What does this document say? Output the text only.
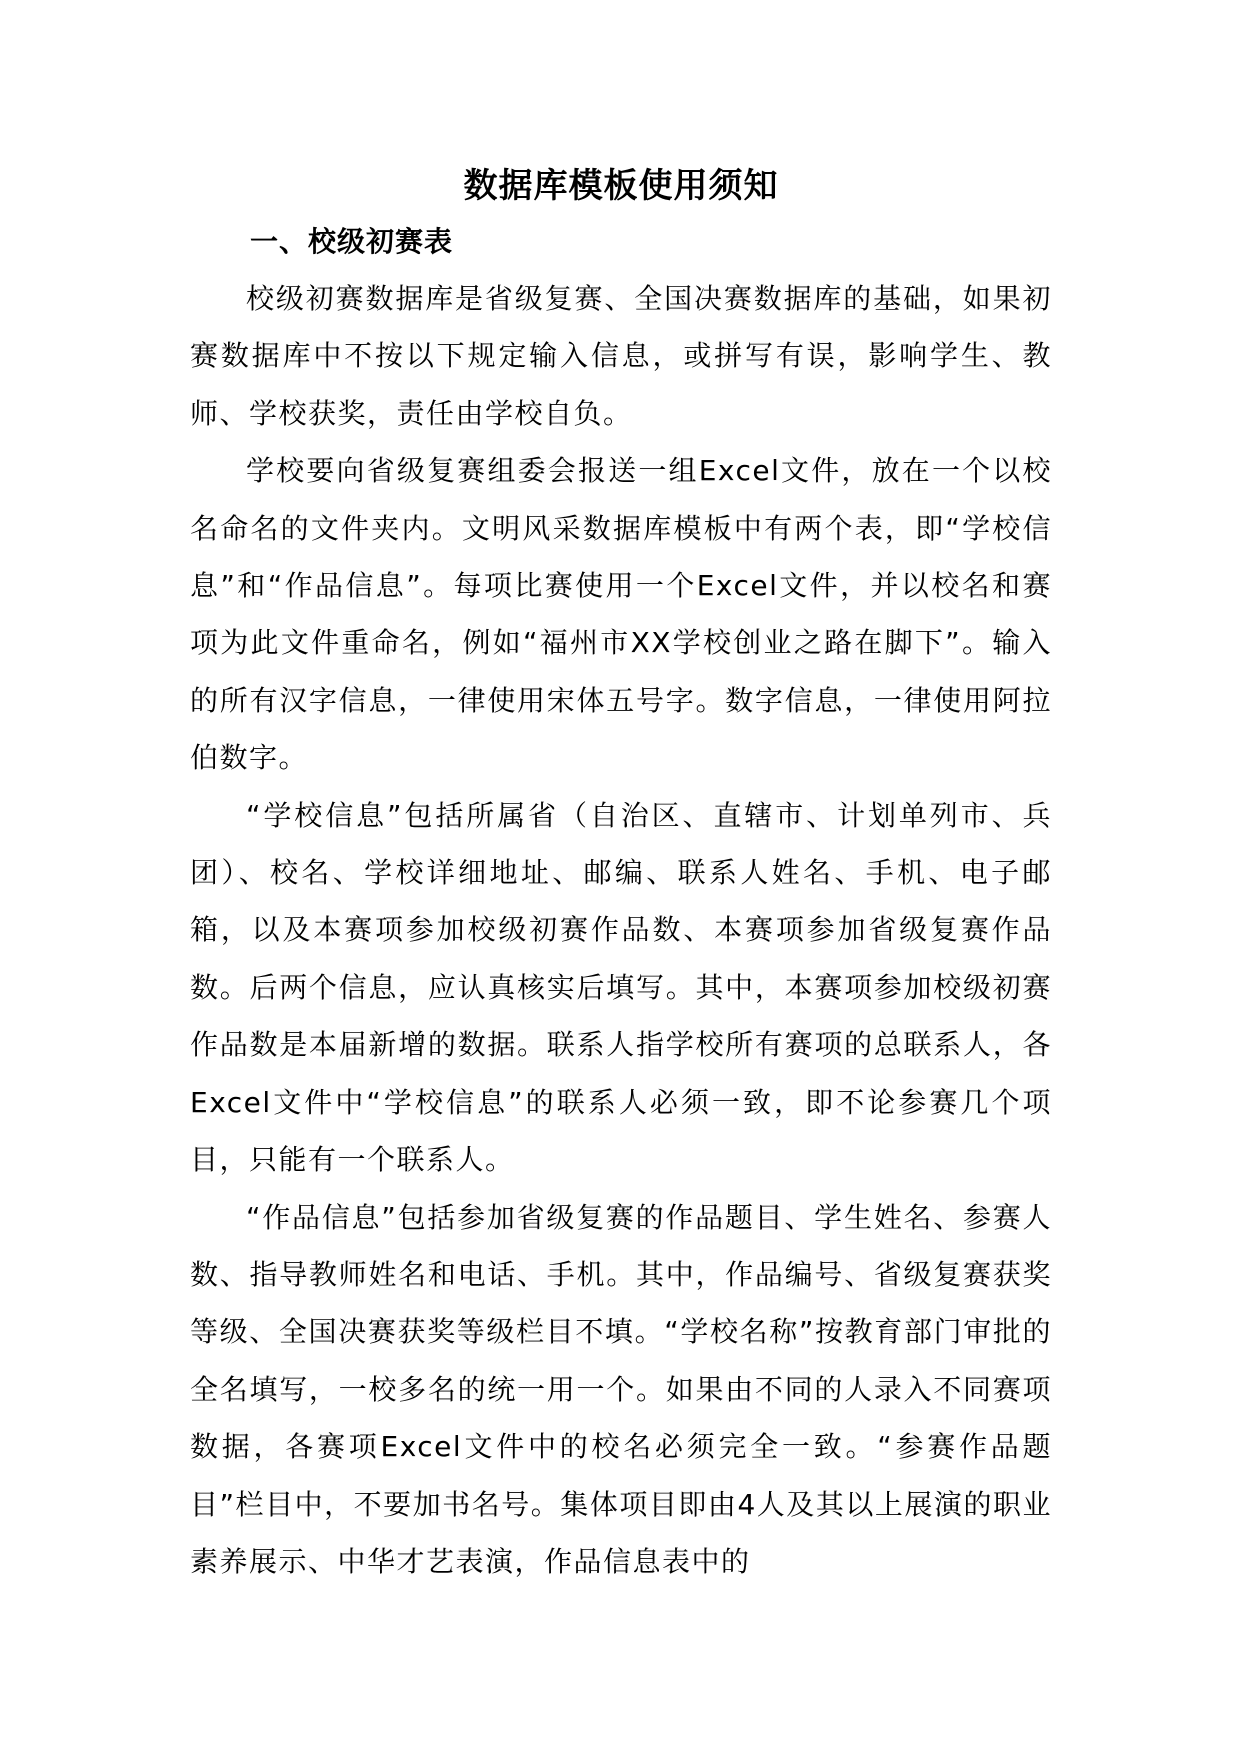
数据库模板使用须知
一、校级初赛表

校级初赛数据库是省级复赛、全国决赛数据库的基础，如果初赛数据库中不按以下规定输入信息，或拼写有误，影响学生、教师、学校获奖，责任由学校自负。

学校要向省级复赛组委会报送一组Excel文件，放在一个以校名命名的文件夹内。文明风采数据库模板中有两个表，即“学校信息”和“作品信息”。每项比赛使用一个Excel文件，并以校名和赛项为此文件重命名，例如“福州市XX学校创业之路在脚下”。输入的所有汉字信息，一律使用宋体五号字。数字信息，一律使用阿拉伯数字。

“学校信息”包括所属省（自治区、直辖市、计划单列市、兵团）、校名、学校详细地址、邮编、联系人姓名、手机、电子邮箱，以及本赛项参加校级初赛作品数、本赛项参加省级复赛作品数。后两个信息，应认真核实后填写。其中，本赛项参加校级初赛作品数是本届新增的数据。联系人指学校所有赛项的总联系人，各Excel文件中“学校信息”的联系人必须一致，即不论参赛几个项目，只能有一个联系人。

“作品信息”包括参加省级复赛的作品题目、学生姓名、参赛人数、指导教师姓名和电话、手机。其中，作品编号、省级复赛获奖等级、全国决赛获奖等级栏目不填。“学校名称”按教育部门审批的全名填写，一校多名的统一用一个。如果由不同的人录入不同赛项数据，各赛项Excel文件中的校名必须完全一致。“参赛作品题目”栏目中，不要加书名号。集体项目即由4人及其以上展演的职业素养展示、中华才艺表演，作品信息表中的
